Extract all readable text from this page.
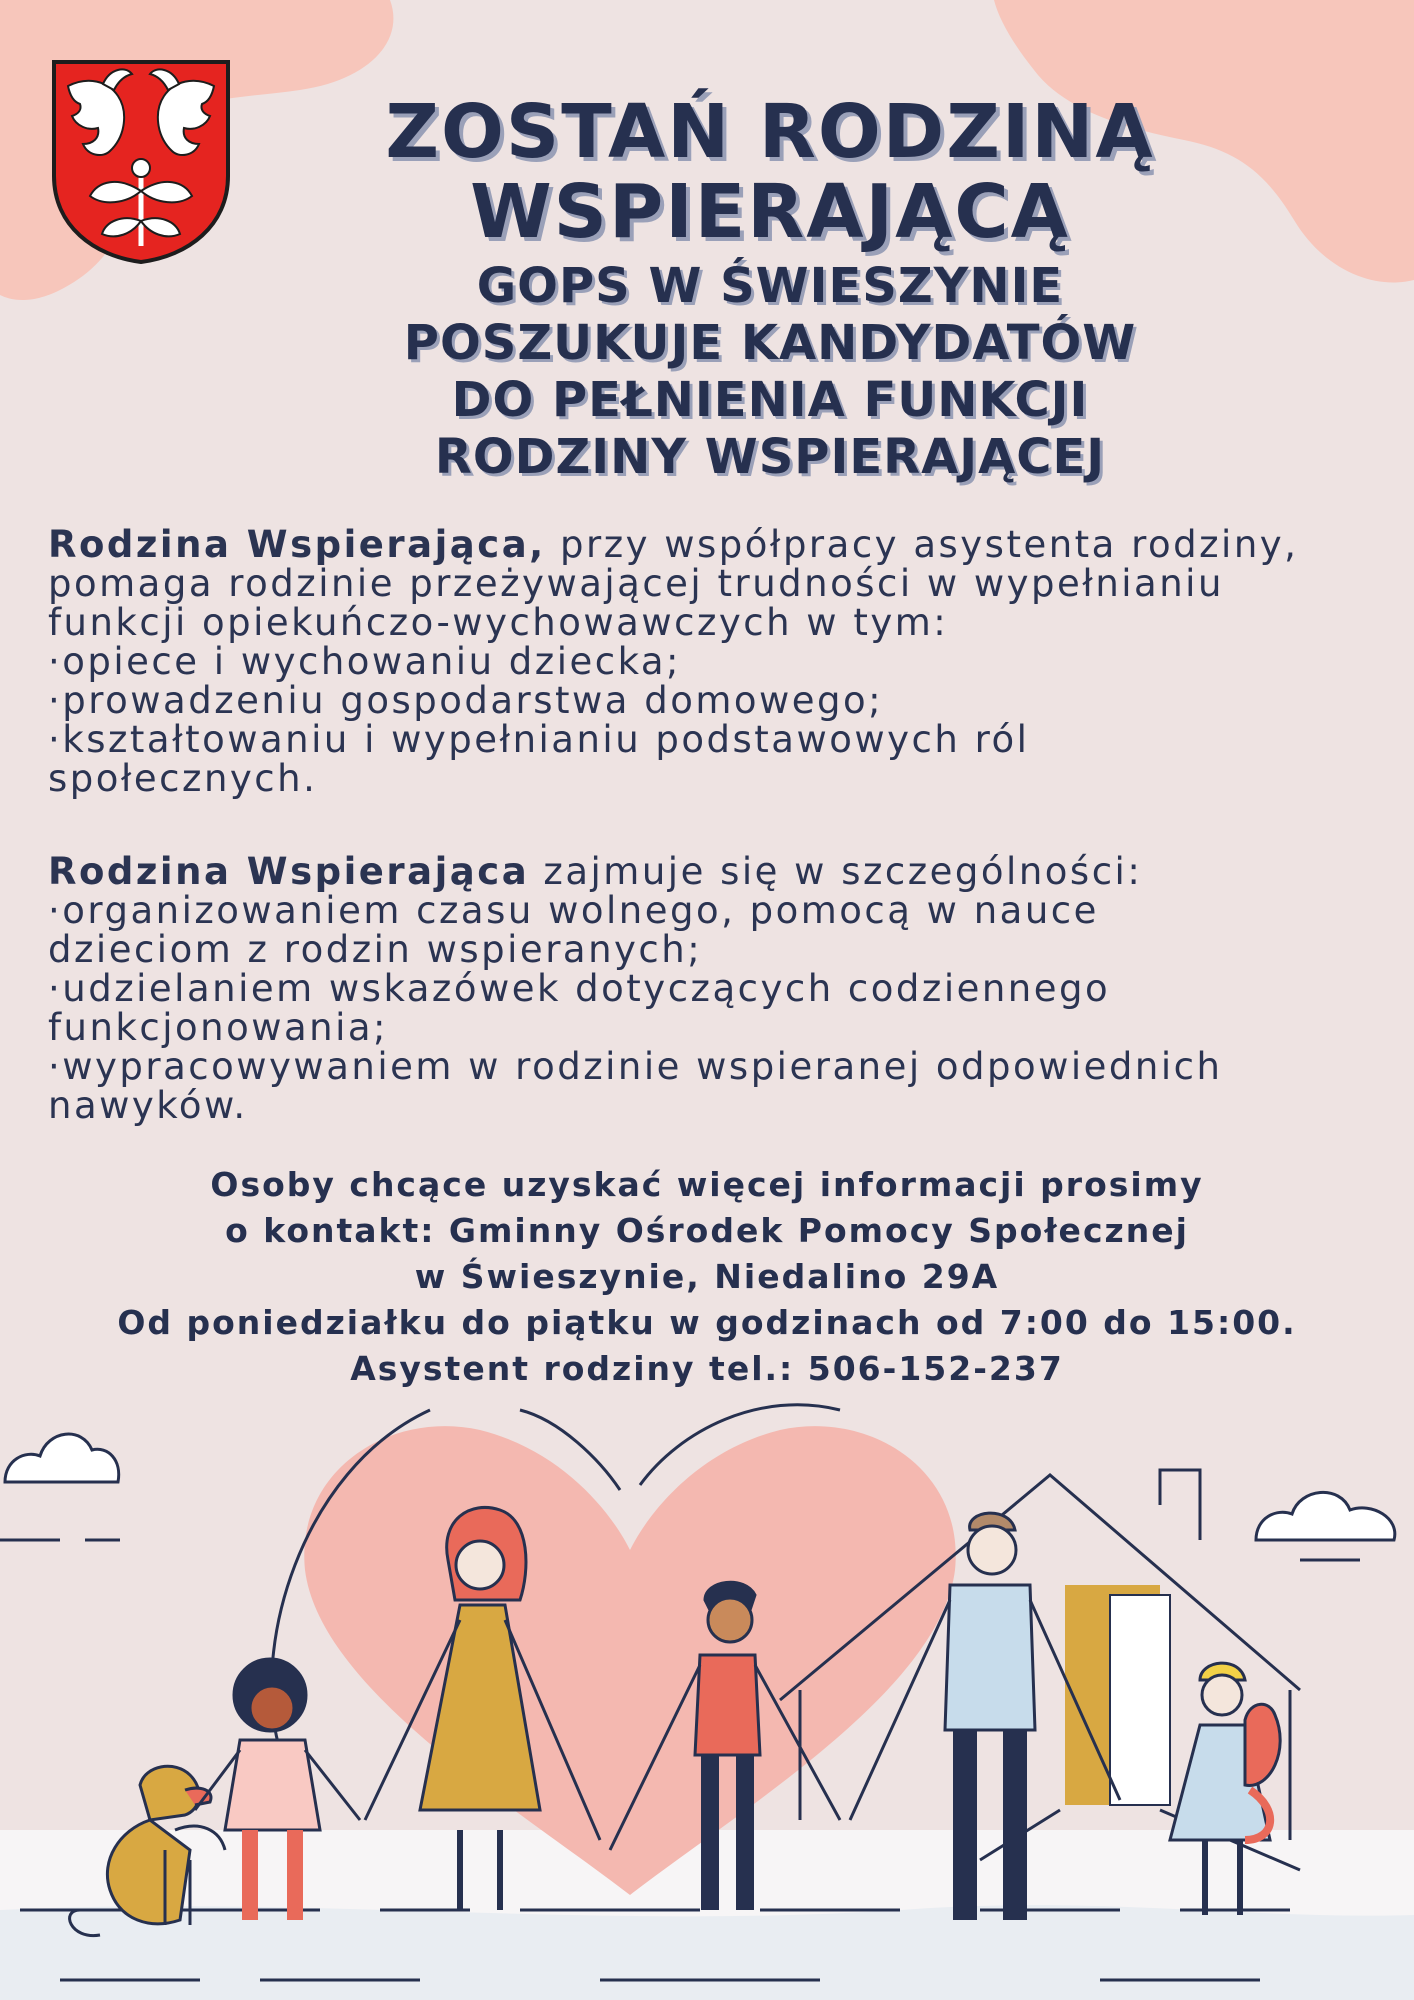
ZOSTAŃ RODZINĄ
WSPIERAJĄCĄ
GOPS W ŚWIESZYNIE
POSZUKUJE KANDYDATÓW
DO PEŁNIENIA FUNKCJI
RODZINY WSPIERAJĄCEJ

Rodzina Wspierająca, przy współpracy asystenta rodziny,

pomaga rodzinie przeżywającej trudności w wypełnianiu

funkcji opiekuńczo-wychowawczych w tym:

·opiece i wychowaniu dziecka;

·prowadzeniu gospodarstwa domowego;

·kształtowaniu i wypełnianiu podstawowych ról

społecznych.

Rodzina Wspierająca zajmuje się w szczególności:

·organizowaniem czasu wolnego, pomocą w nauce

dzieciom z rodzin wspieranych;

·udzielaniem wskazówek dotyczących codziennego

funkcjonowania;

·wypracowywaniem w rodzinie wspieranej odpowiednich

nawyków.

Osoby chcące uzyskać więcej informacji prosimy

o kontakt: Gminny Ośrodek Pomocy Społecznej

w Świeszynie, Niedalino 29A

Od poniedziałku do piątku w godzinach od 7:00 do 15:00.

Asystent rodziny tel.: 506-152-237
